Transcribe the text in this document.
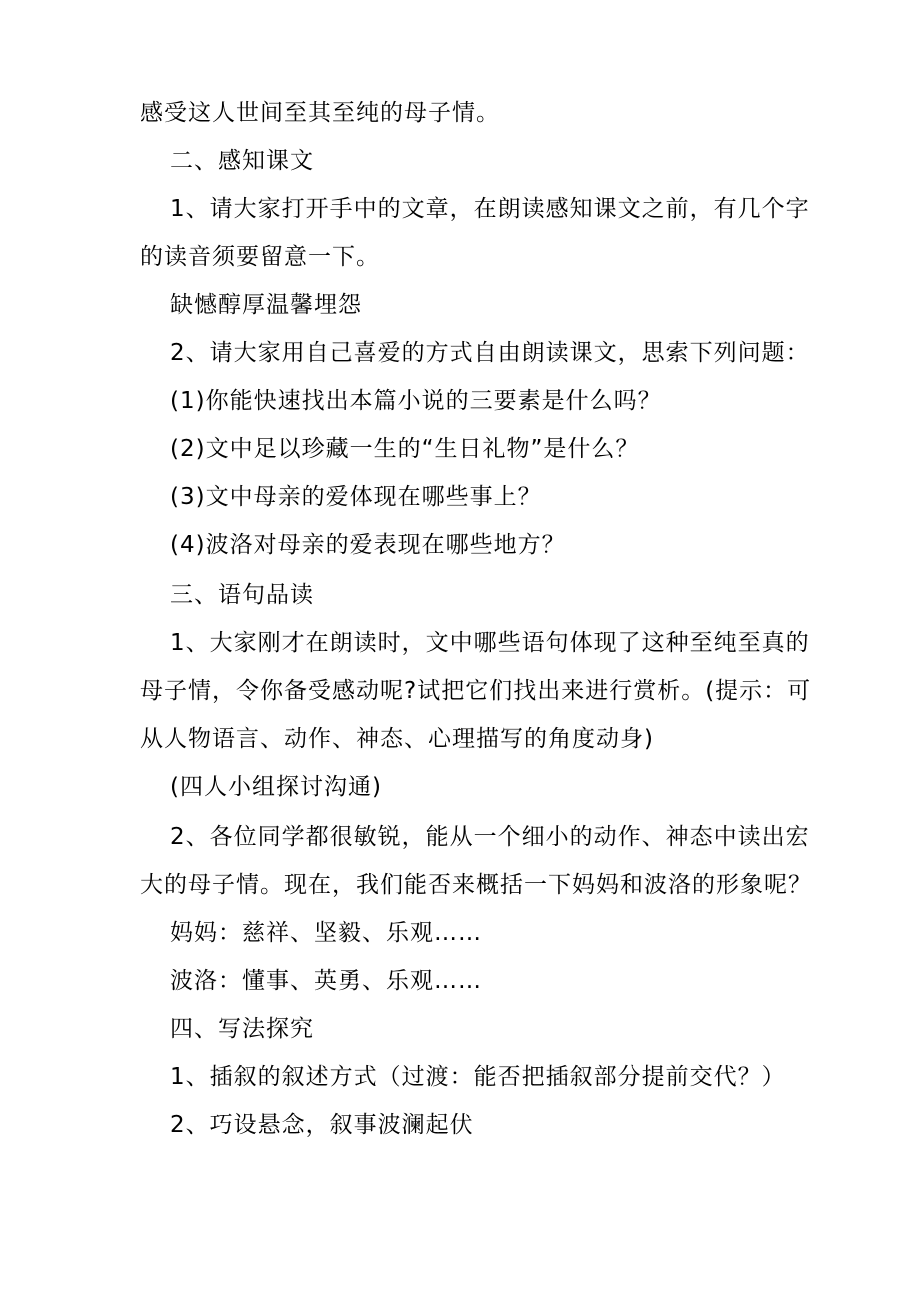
感受这人世间至其至纯的母子情。
二、感知课文
1、请大家打开手中的文章，在朗读感知课文之前，有几个字
的读音须要留意一下。
缺憾醇厚温馨埋怨
2、请大家用自己喜爱的方式自由朗读课文，思索下列问题：
(1)你能快速找出本篇小说的三要素是什么吗？
(2)文中足以珍藏一生的“生日礼物”是什么？
(3)文中母亲的爱体现在哪些事上？
(4)波洛对母亲的爱表现在哪些地方？
三、语句品读
1、大家刚才在朗读时，文中哪些语句体现了这种至纯至真的
母子情，令你备受感动呢?试把它们找出来进行赏析。(提示：可
从人物语言、动作、神态、心理描写的角度动身)
(四人小组探讨沟通)
2、各位同学都很敏锐，能从一个细小的动作、神态中读出宏
大的母子情。现在，我们能否来概括一下妈妈和波洛的形象呢？
妈妈：慈祥、坚毅、乐观……
波洛：懂事、英勇、乐观……
四、写法探究
1、插叙的叙述方式（过渡：能否把插叙部分提前交代？）
2、巧设悬念，叙事波澜起伏
